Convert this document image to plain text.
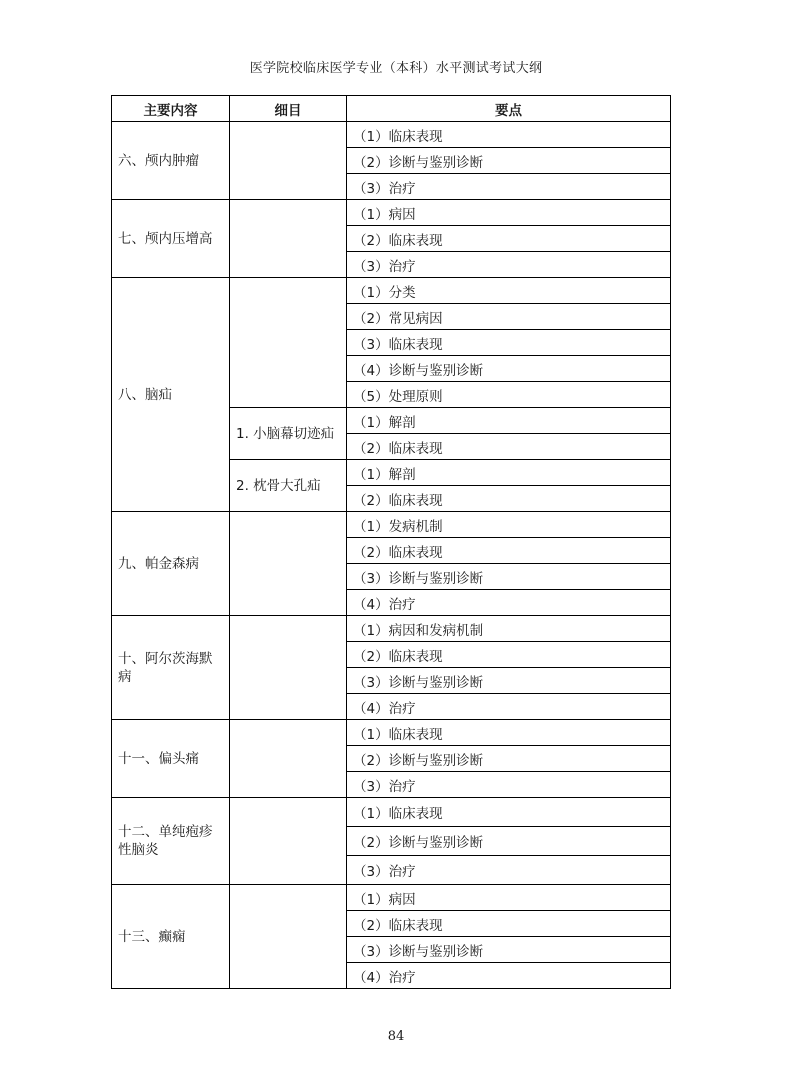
医学院校临床医学专业（本科）水平测试考试大纲
主要内容	细目	要点
六、颅内肿瘤		（1）临床表现
		（2）诊断与鉴别诊断
		（3）治疗
七、颅内压增高		（1）病因
		（2）临床表现
		（3）治疗
八、脑疝		（1）分类
		（2）常见病因
		（3）临床表现
		（4）诊断与鉴别诊断
		（5）处理原则
	1. 小脑幕切迹疝	（1）解剖
		（2）临床表现
	2. 枕骨大孔疝	（1）解剖
		（2）临床表现
九、帕金森病		（1）发病机制
		（2）临床表现
		（3）诊断与鉴别诊断
		（4）治疗
十、阿尔茨海默病		（1）病因和发病机制
		（2）临床表现
		（3）诊断与鉴别诊断
		（4）治疗
十一、偏头痛		（1）临床表现
		（2）诊断与鉴别诊断
		（3）治疗
十二、单纯疱疹性脑炎		（1）临床表现
		（2）诊断与鉴别诊断
		（3）治疗
十三、癫痫		（1）病因
		（2）临床表现
		（3）诊断与鉴别诊断
		（4）治疗
84
